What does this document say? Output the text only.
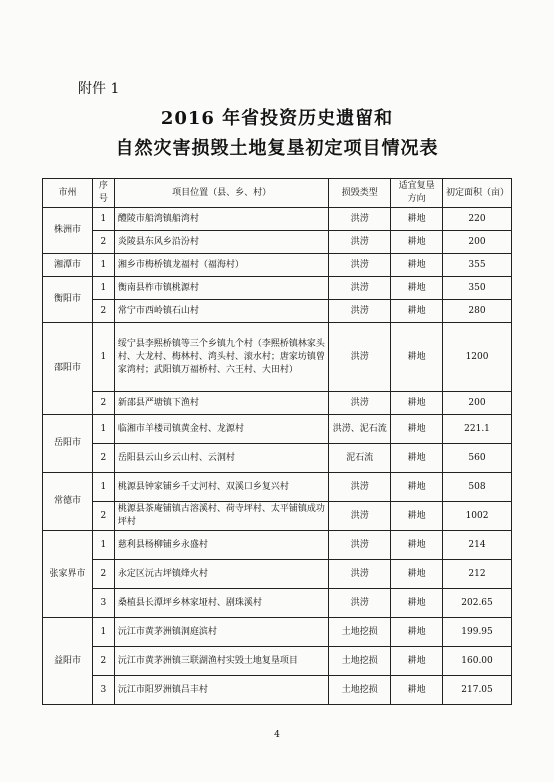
附件 1
2016 年省投资历史遗留和
自然灾害损毁土地复垦初定项目情况表
市州	序号	项目位置（县、乡、村）	损毁类型	适宜复垦方向	初定面积（亩）
株洲市	1	醴陵市船湾镇船湾村	洪涝	耕地	220
	2	炎陵县东风乡沿汾村	洪涝	耕地	200
湘潭市	1	湘乡市梅桥镇龙福村（福海村）	洪涝	耕地	355
衡阳市	1	衡南县柞市镇桃源村	洪涝	耕地	350
	2	常宁市西岭镇石山村	洪涝	耕地	280
邵阳市	1	绥宁县李熙桥镇等三个乡镇九个村（李熙桥镇林家头村、大龙村、梅林村、湾头村、滚水村；唐家坊镇曾家湾村；武阳镇万福桥村、六王村、大田村）	洪涝	耕地	1200
	2	新邵县严塘镇下渔村	洪涝	耕地	200
岳阳市	1	临湘市羊楼司镇黄金村、龙源村	洪涝、泥石流	耕地	221.1
	2	岳阳县云山乡云山村、云洞村	泥石流	耕地	560
常德市	1	桃源县钟家铺乡千丈河村、双溪口乡复兴村	洪涝	耕地	508
	2	桃源县茶庵铺镇古溶溪村、荷寺坪村、太平铺镇成功坪村	洪涝	耕地	1002
张家界市	1	慈利县杨柳铺乡永盛村	洪涝	耕地	214
	2	永定区沅古坪镇烽火村	洪涝	耕地	212
	3	桑植县长潭坪乡林家垭村、剧珠溪村	洪涝	耕地	202.65
益阳市	1	沅江市黄茅洲镇洞庭滨村	土地挖损	耕地	199.95
	2	沅江市黄茅洲镇三联湖渔村实毁土地复垦项目	土地挖损	耕地	160.00
	3	沅江市阳罗洲镇吕丰村	土地挖损	耕地	217.05
4
